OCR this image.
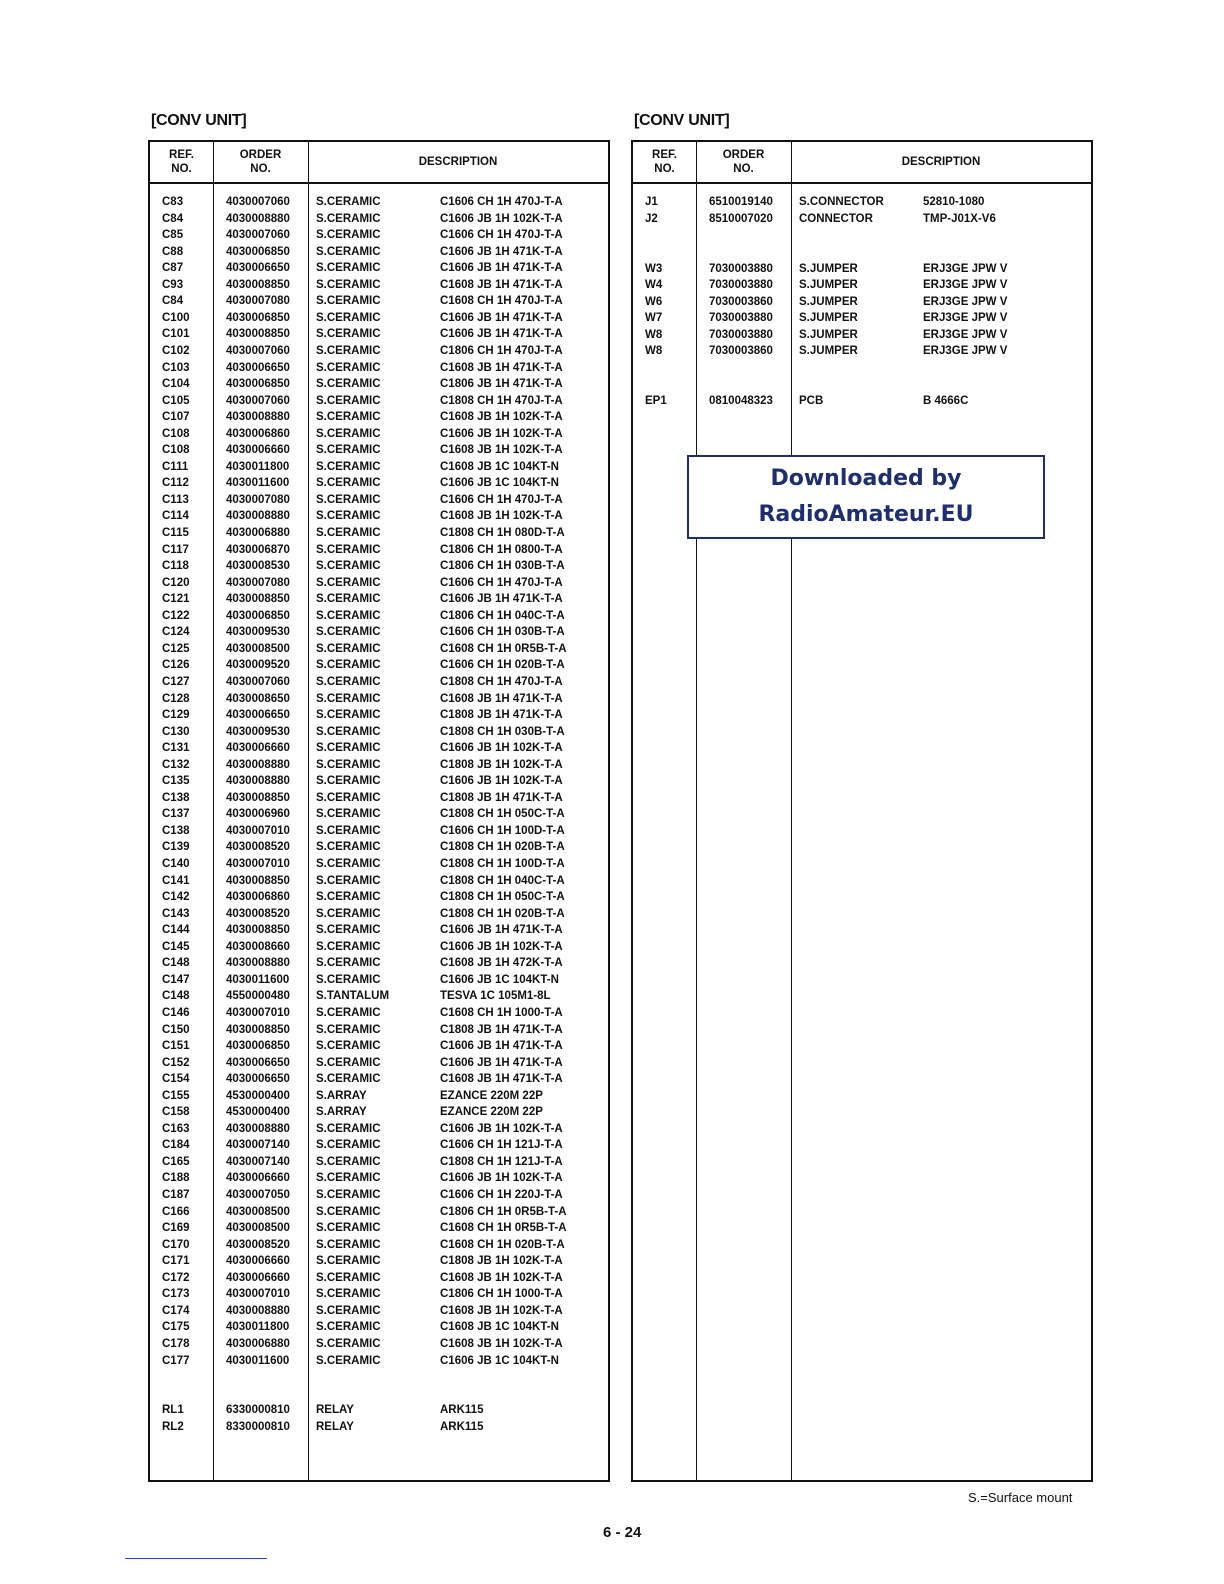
[CONV UNIT]
REF.
NO.
ORDER
NO.
DESCRIPTION
C83	4030007060 S.CERAMIC	C1606 CH 1H 470J-T-A
C84	4030008880 S.CERAMIC	C1606 JB 1H 102K-T-A
C85	4030007060 S.CERAMIC	C1606 CH 1H 470J-T-A
C88	4030006850 S.CERAMIC	C1606 JB 1H 471K-T-A
C87	4030006650 S.CERAMIC	C1606 JB 1H 471K-T-A
C93	4030008850 S.CERAMIC	C1608 JB 1H 471K-T-A
C84	4030007080 S.CERAMIC	C1608 CH 1H 470J-T-A
C100	4030006850 S.CERAMIC	C1606 JB 1H 471K-T-A
C101	4030008850 S.CERAMIC	C1606 JB 1H 471K-T-A
C102	4030007060 S.CERAMIC	C1806 CH 1H 470J-T-A
C103	4030006650 S.CERAMIC	C1608 JB 1H 471K-T-A
C104	4030006850 S.CERAMIC	C1806 JB 1H 471K-T-A
C105	4030007060 S.CERAMIC	C1808 CH 1H 470J-T-A
C107	4030008880 S.CERAMIC	C1608 JB 1H 102K-T-A
C108	4030006860 S.CERAMIC	C1606 JB 1H 102K-T-A
C108	4030006660 S.CERAMIC	C1608 JB 1H 102K-T-A
C111	4030011800 S.CERAMIC	C1608 JB 1C 104KT-N
C112	4030011600 S.CERAMIC	C1606 JB 1C 104KT-N
C113	4030007080 S.CERAMIC	C1606 CH 1H 470J-T-A
C114	4030008880 S.CERAMIC	C1608 JB 1H 102K-T-A
C115	4030006880 S.CERAMIC	C1808 CH 1H 080D-T-A
C117	4030006870 S.CERAMIC	C1806 CH 1H 0800-T-A
C118	4030008530 S.CERAMIC	C1806 CH 1H 030B-T-A
C120	4030007080 S.CERAMIC	C1606 CH 1H 470J-T-A
C121	4030008850 S.CERAMIC	C1606 JB 1H 471K-T-A
C122	4030006850 S.CERAMIC	C1806 CH 1H 040C-T-A
C124	4030009530 S.CERAMIC	C1606 CH 1H 030B-T-A
C125	4030008500 S.CERAMIC	C1608 CH 1H 0R5B-T-A
C126	4030009520 S.CERAMIC	C1606 CH 1H 020B-T-A
C127	4030007060 S.CERAMIC	C1808 CH 1H 470J-T-A
C128	4030008650 S.CERAMIC	C1608 JB 1H 471K-T-A
C129	4030006650 S.CERAMIC	C1808 JB 1H 471K-T-A
C130	4030009530 S.CERAMIC	C1808 CH 1H 030B-T-A
C131	4030006660 S.CERAMIC	C1606 JB 1H 102K-T-A
C132	4030008880 S.CERAMIC	C1808 JB 1H 102K-T-A
C135	4030008880 S.CERAMIC	C1606 JB 1H 102K-T-A
C138	4030008850 S.CERAMIC	C1808 JB 1H 471K-T-A
C137	4030006960 S.CERAMIC	C1808 CH 1H 050C-T-A
C138	4030007010 S.CERAMIC	C1606 CH 1H 100D-T-A
C139	4030008520 S.CERAMIC	C1808 CH 1H 020B-T-A
C140	4030007010 S.CERAMIC	C1808 CH 1H 100D-T-A
C141	4030008850 S.CERAMIC	C1808 CH 1H 040C-T-A
C142	4030006860 S.CERAMIC	C1808 CH 1H 050C-T-A
C143	4030008520 S.CERAMIC	C1808 CH 1H 020B-T-A
C144	4030008850 S.CERAMIC	C1606 JB 1H 471K-T-A
C145	4030008660 S.CERAMIC	C1606 JB 1H 102K-T-A
C148	4030008880 S.CERAMIC	C1608 JB 1H 472K-T-A
C147	4030011600 S.CERAMIC	C1606 JB 1C 104KT-N
C148	4550000480 S.TANTALUM	TESVA 1C 105M1-8L
C146	4030007010 S.CERAMIC	C1608 CH 1H 1000-T-A
C150	4030008850 S.CERAMIC	C1808 JB 1H 471K-T-A
C151	4030006850 S.CERAMIC	C1606 JB 1H 471K-T-A
C152	4030006650 S.CERAMIC	C1606 JB 1H 471K-T-A
C154	4030006650 S.CERAMIC	C1608 JB 1H 471K-T-A
C155	4530000400 S.ARRAY	EZANCE 220M 22P
C158	4530000400 S.ARRAY	EZANCE 220M 22P
C163	4030008880 S.CERAMIC	C1606 JB 1H 102K-T-A
C184	4030007140 S.CERAMIC	C1606 CH 1H 121J-T-A
C165	4030007140 S.CERAMIC	C1808 CH 1H 121J-T-A
C188	4030006660 S.CERAMIC	C1606 JB 1H 102K-T-A
C187	4030007050 S.CERAMIC	C1606 CH 1H 220J-T-A
C166	4030008500 S.CERAMIC	C1806 CH 1H 0R5B-T-A
C169	4030008500 S.CERAMIC	C1608 CH 1H 0R5B-T-A
C170	4030008520 S.CERAMIC	C1608 CH 1H 020B-T-A
C171	4030006660 S.CERAMIC	C1808 JB 1H 102K-T-A
C172	4030006660 S.CERAMIC	C1608 JB 1H 102K-T-A
C173	4030007010 S.CERAMIC	C1806 CH 1H 1000-T-A
C174	4030008880 S.CERAMIC	C1608 JB 1H 102K-T-A
C175	4030011800 S.CERAMIC	C1608 JB 1C 104KT-N
C178	4030006880 S.CERAMIC	C1608 JB 1H 102K-T-A
C177	4030011600 S.CERAMIC	C1606 JB 1C 104KT-N
RL1	6330000810 RELAY	ARK115
RL2	8330000810 RELAY	ARK115
[CONV UNIT]
REF.
NO.
ORDER
NO.
DESCRIPTION
J1	6510019140 S.CONNECTOR	52810-1080
J2	8510007020 CONNECTOR	TMP-J01X-V6
W3	7030003880 S.JUMPER	ERJ3GE JPW V
W4	7030003880 S.JUMPER	ERJ3GE JPW V
W6	7030003860 S.JUMPER	ERJ3GE JPW V
W7	7030003880 S.JUMPER	ERJ3GE JPW V
W8	7030003880 S.JUMPER	ERJ3GE JPW V
W8	7030003860 S.JUMPER	ERJ3GE JPW V
EP1	0810048323 PCB	B 4666C
Downloaded by
RadioAmateur.EU
S.=Surface mount
6 - 24
